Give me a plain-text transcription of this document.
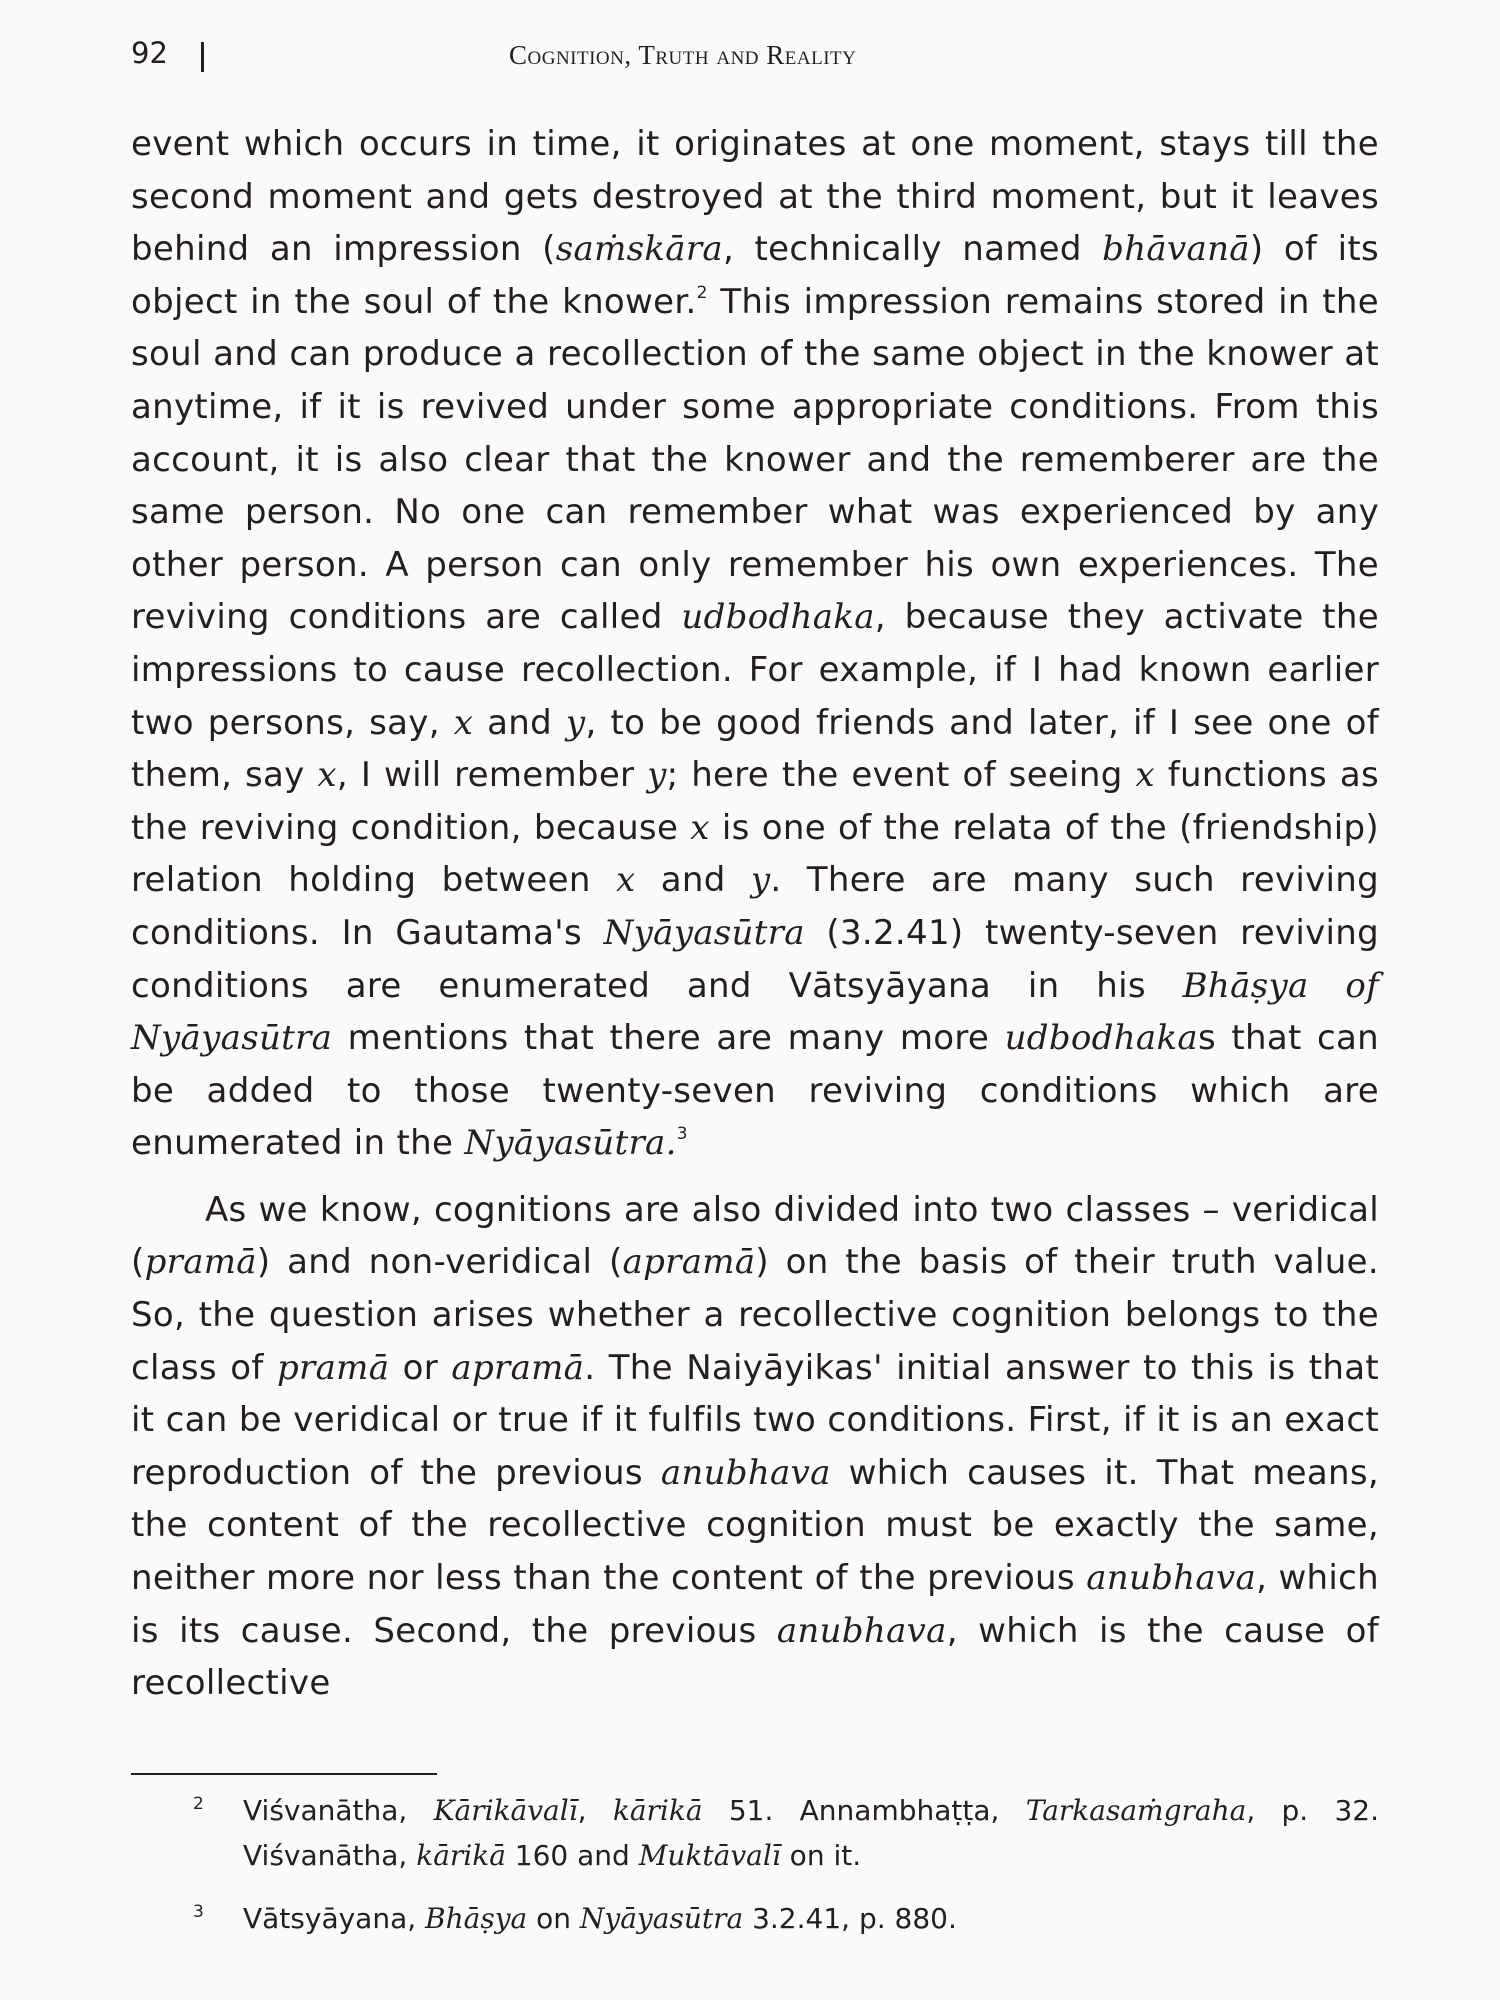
92	Cognition, Truth and Reality

event which occurs in time, it originates at one moment, stays till the second moment and gets destroyed at the third moment, but it leaves behind an impression (saṁskāra, technically named bhāvanā) of its object in the soul of the knower.$^2$ This impression remains stored in the soul and can produce a recollection of the same object in the knower at anytime, if it is revived under some appropriate conditions. From this account, it is also clear that the knower and the rememberer are the same person. No one can remember what was experienced by any other person. A person can only remember his own experiences. The reviving conditions are called udbodhaka, because they activate the impressions to cause recollection. For example, if I had known earlier two persons, say, x and y, to be good friends and later, if I see one of them, say x, I will remember y; here the event of seeing x functions as the reviving condition, because x is one of the relata of the (friendship) relation holding between x and y. There are many such reviving conditions. In Gautama's Nyāyasūtra (3.2.41) twenty-seven reviving conditions are enumerated and Vātsyāyana in his Bhāṣya of Nyāyasūtra mentions that there are many more udbodhakas that can be added to those twenty-seven reviving conditions which are enumerated in the Nyāyasūtra.$^3$

As we know, cognitions are also divided into two classes – veridical (pramā) and non-veridical (apramā) on the basis of their truth value. So, the question arises whether a recollective cognition belongs to the class of pramā or apramā. The Naiyāyikas' initial answer to this is that it can be veridical or true if it fulfils two conditions. First, if it is an exact reproduction of the previous anubhava which causes it. That means, the content of the recollective cognition must be exactly the same, neither more nor less than the content of the previous anubhava, which is its cause. Second, the previous anubhava, which is the cause of recollective

2 Viśvanātha, Kārikāvalī, kārikā 51. Annambhaṭṭa, Tarkasaṁgraha, p. 32. Viśvanātha, kārikā 160 and Muktāvalī on it.
3 Vātsyāyana, Bhāṣya on Nyāyasūtra 3.2.41, p. 880.
